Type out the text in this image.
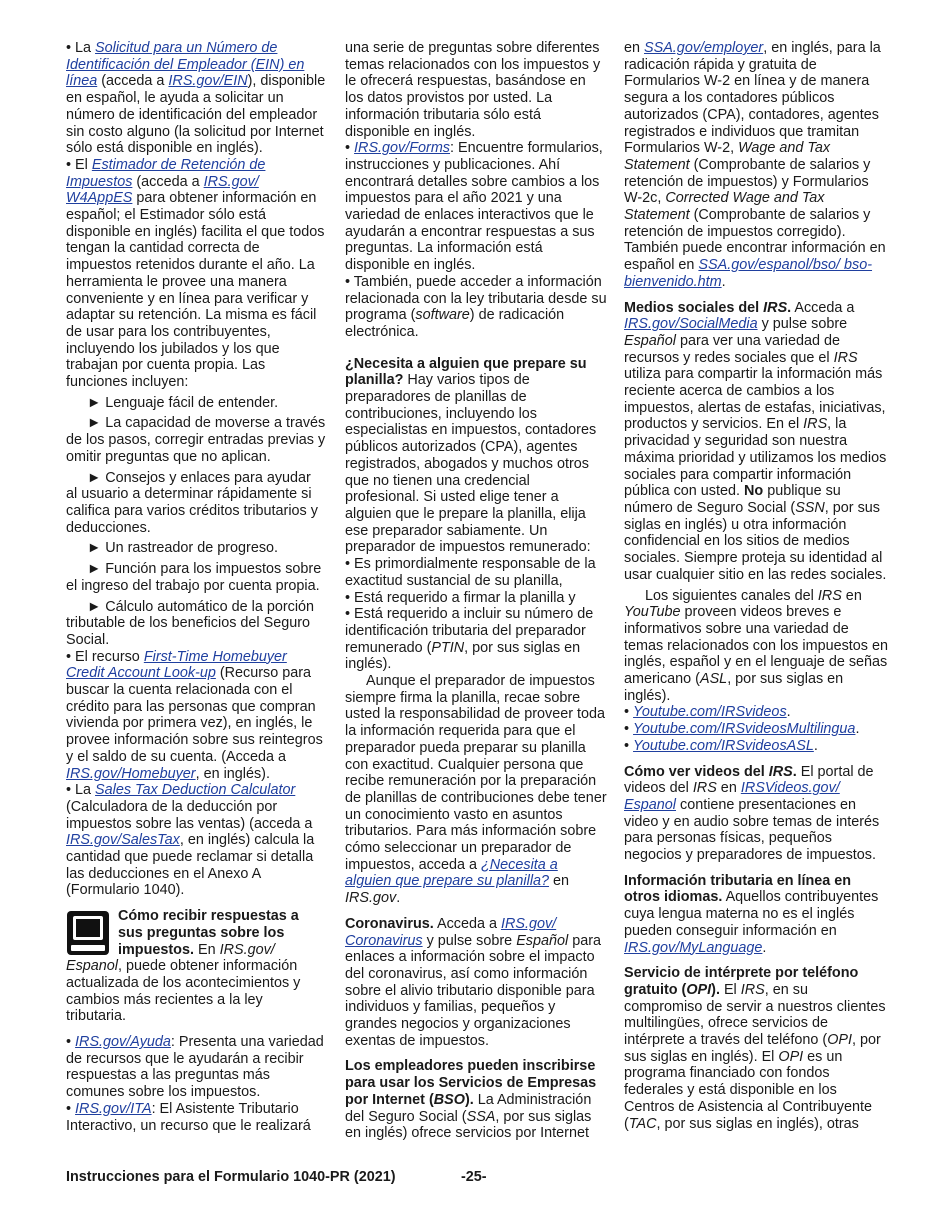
• La Solicitud para un Número de Identificación del Empleador (EIN) en línea (acceda a IRS.gov/EIN), disponible en español, le ayuda a solicitar un número de identificación del empleador sin costo alguno (la solicitud por Internet sólo está disponible en inglés).

• El Estimador de Retención de Impuestos (acceda a IRS.gov/ W4AppES para obtener información en español; el Estimador sólo está disponible en inglés) facilita el que todos tengan la cantidad correcta de impuestos retenidos durante el año. La herramienta le provee una manera conveniente y en línea para verificar y adaptar su retención. La misma es fácil de usar para los contribuyentes, incluyendo los jubilados y los que trabajan por cuenta propia. Las funciones incluyen:

► Lenguaje fácil de entender.

► La capacidad de moverse a través de los pasos, corregir entradas previas y omitir preguntas que no aplican.

► Consejos y enlaces para ayudar al usuario a determinar rápidamente si califica para varios créditos tributarios y deducciones.

► Un rastreador de progreso.

► Función para los impuestos sobre el ingreso del trabajo por cuenta propia.

► Cálculo automático de la porción tributable de los beneficios del Seguro Social.

• El recurso First-Time Homebuyer Credit Account Look-up (Recurso para buscar la cuenta relacionada con el crédito para las personas que compran vivienda por primera vez), en inglés, le provee información sobre sus reintegros y el saldo de su cuenta. (Acceda a IRS.gov/Homebuyer, en inglés).

• La Sales Tax Deduction Calculator (Calculadora de la deducción por impuestos sobre las ventas) (acceda a IRS.gov/SalesTax, en inglés) calcula la cantidad que puede reclamar si detalla las deducciones en el Anexo A (Formulario 1040).

Cómo recibir respuestas a sus preguntas sobre los impuestos. En IRS.gov/ Espanol, puede obtener información actualizada de los acontecimientos y cambios más recientes a la ley tributaria.

• IRS.gov/Ayuda: Presenta una variedad de recursos que le ayudarán a recibir respuestas a las preguntas más comunes sobre los impuestos.

• IRS.gov/ITA: El Asistente Tributario Interactivo, un recurso que le realizará

una serie de preguntas sobre diferentes temas relacionados con los impuestos y le ofrecerá respuestas, basándose en los datos provistos por usted. La información tributaria sólo está disponible en inglés.

• IRS.gov/Forms: Encuentre formularios, instrucciones y publicaciones. Ahí encontrará detalles sobre cambios a los impuestos para el año 2021 y una variedad de enlaces interactivos que le ayudarán a encontrar respuestas a sus preguntas. La información está disponible en inglés.

• También, puede acceder a información relacionada con la ley tributaria desde su programa (software) de radicación electrónica.

¿Necesita a alguien que prepare su planilla? Hay varios tipos de preparadores de planillas de contribuciones, incluyendo los especialistas en impuestos, contadores públicos autorizados (CPA), agentes registrados, abogados y muchos otros que no tienen una credencial profesional. Si usted elige tener a alguien que le prepare la planilla, elija ese preparador sabiamente. Un preparador de impuestos remunerado:

• Es primordialmente responsable de la exactitud sustancial de su planilla,

• Está requerido a firmar la planilla y

• Está requerido a incluir su número de identificación tributaria del preparador remunerado (PTIN, por sus siglas en inglés).

Aunque el preparador de impuestos siempre firma la planilla, recae sobre usted la responsabilidad de proveer toda la información requerida para que el preparador pueda preparar su planilla con exactitud. Cualquier persona que recibe remuneración por la preparación de planillas de contribuciones debe tener un conocimiento vasto en asuntos tributarios. Para más información sobre cómo seleccionar un preparador de impuestos, acceda a ¿Necesita a alguien que prepare su planilla? en IRS.gov.

Coronavirus. Acceda a IRS.gov/ Coronavirus y pulse sobre Español para enlaces a información sobre el impacto del coronavirus, así como información sobre el alivio tributario disponible para individuos y familias, pequeños y grandes negocios y organizaciones exentas de impuestos.

Los empleadores pueden inscribirse para usar los Servicios de Empresas por Internet (BSO). La Administración del Seguro Social (SSA, por sus siglas en inglés) ofrece servicios por Internet

en SSA.gov/employer, en inglés, para la radicación rápida y gratuita de Formularios W-2 en línea y de manera segura a los contadores públicos autorizados (CPA), contadores, agentes registrados e individuos que tramitan Formularios W-2, Wage and Tax Statement (Comprobante de salarios y retención de impuestos) y Formularios W-2c, Corrected Wage and Tax Statement (Comprobante de salarios y retención de impuestos corregido). También puede encontrar información en español en SSA.gov/espanol/bso/ bso-bienvenido.htm.

Medios sociales del IRS. Acceda a IRS.gov/SocialMedia y pulse sobre Español para ver una variedad de recursos y redes sociales que el IRS utiliza para compartir la información más reciente acerca de cambios a los impuestos, alertas de estafas, iniciativas, productos y servicios. En el IRS, la privacidad y seguridad son nuestra máxima prioridad y utilizamos los medios sociales para compartir información pública con usted. No publique su número de Seguro Social (SSN, por sus siglas en inglés) u otra información confidencial en los sitios de medios sociales. Siempre proteja su identidad al usar cualquier sitio en las redes sociales.

Los siguientes canales del IRS en YouTube proveen videos breves e informativos sobre una variedad de temas relacionados con los impuestos en inglés, español y en el lenguaje de señas americano (ASL, por sus siglas en inglés).

• Youtube.com/IRSvideos.

• Youtube.com/IRSvideosMultilingua.

• Youtube.com/IRSvideosASL.

Cómo ver videos del IRS. El portal de videos del IRS en IRSVideos.gov/ Espanol contiene presentaciones en video y en audio sobre temas de interés para personas físicas, pequeños negocios y preparadores de impuestos.

Información tributaria en línea en otros idiomas. Aquellos contribuyentes cuya lengua materna no es el inglés pueden conseguir información en IRS.gov/MyLanguage.

Servicio de intérprete por teléfono gratuito (OPI). El IRS, en su compromiso de servir a nuestros clientes multilingües, ofrece servicios de intérprete a través del teléfono (OPI, por sus siglas en inglés). El OPI es un programa financiado con fondos federales y está disponible en los Centros de Asistencia al Contribuyente (TAC, por sus siglas en inglés), otras

Instrucciones para el Formulario 1040-PR (2021)	-25-
